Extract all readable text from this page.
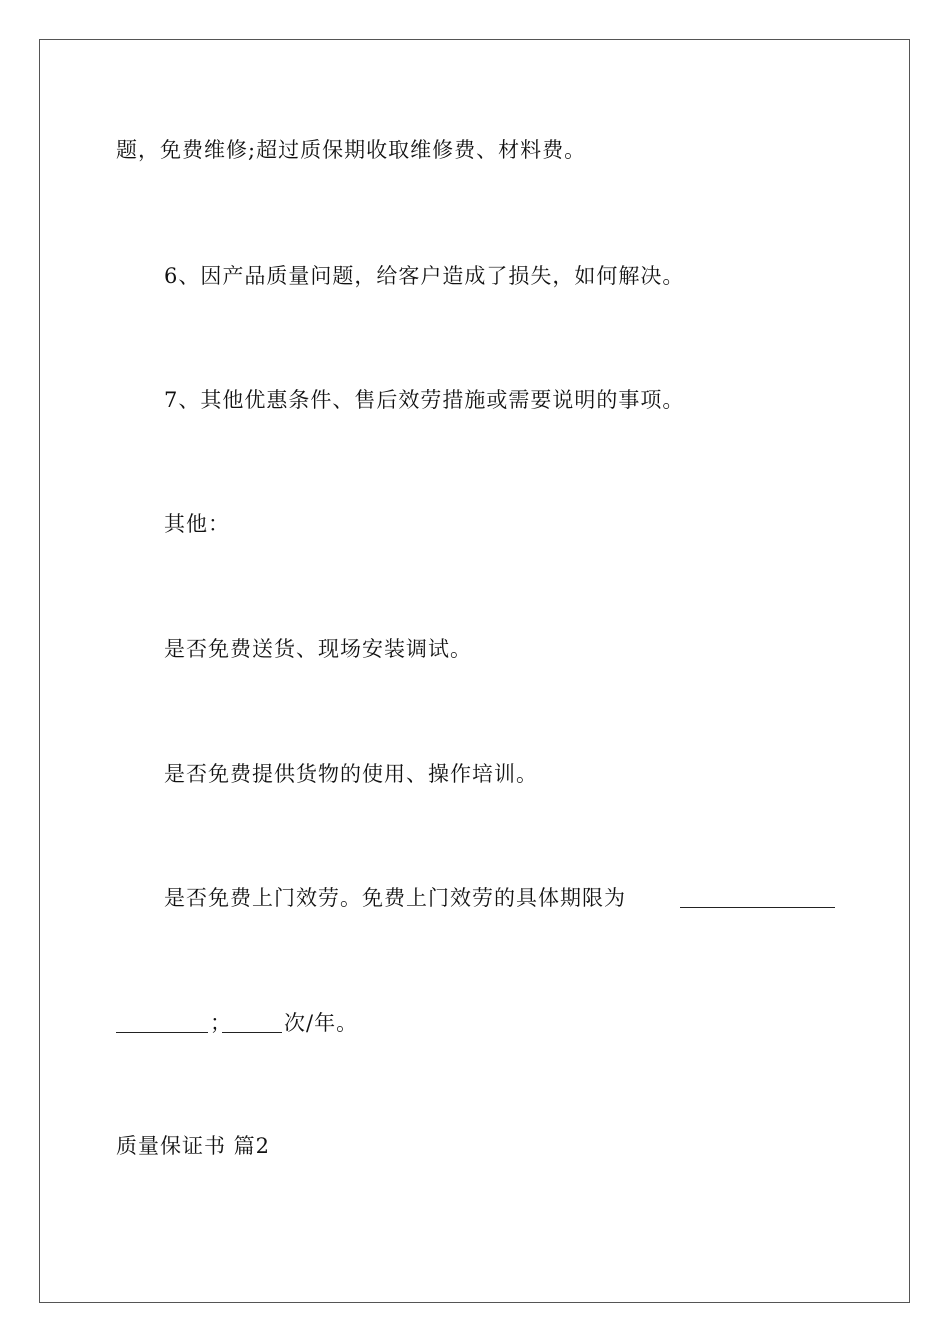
题，免费维修;超过质保期收取维修费、材料费。
6、因产品质量问题，给客户造成了损失，如何解决。
7、其他优惠条件、售后效劳措施或需要说明的事项。
其他：
是否免费送货、现场安装调试。
是否免费提供货物的使用、操作培训。
是否免费上门效劳。免费上门效劳的具体期限为
； 次/年。
质量保证书 篇2
